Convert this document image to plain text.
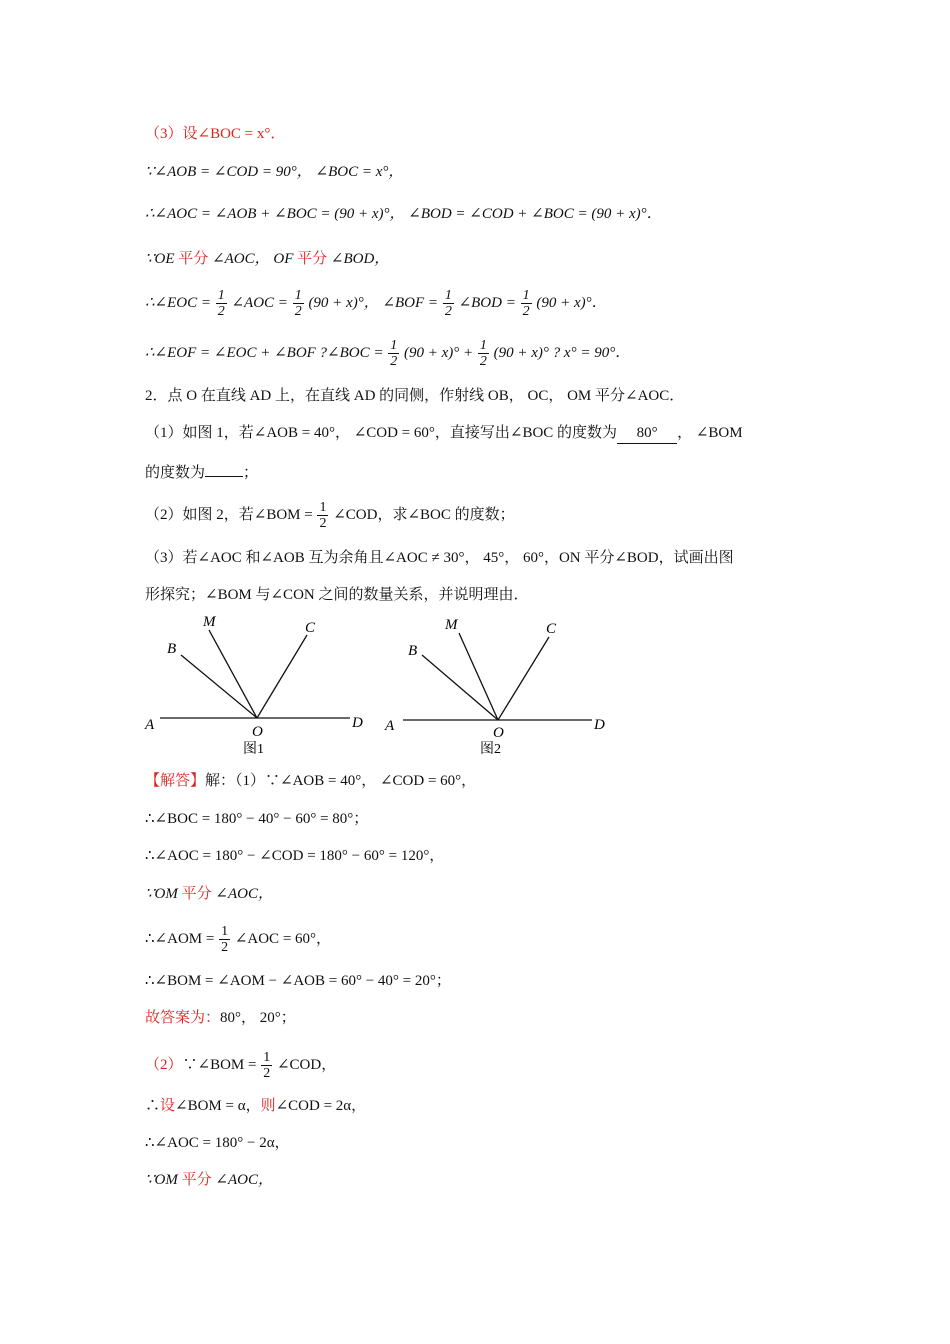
（3）设∠BOC = x°．
∵∠AOB = ∠COD = 90°， ∠BOC = x°，
∴∠AOC = ∠AOB + ∠BOC = (90 + x)°， ∠BOD = ∠COD + ∠BOC = (90 + x)°．
∵OE 平分 ∠AOC， OF 平分 ∠BOD，
∴∠EOC = $\frac{1}{2}$ ∠AOC = $\frac{1}{2} (90 + x)^\circ$， ∠BOF = $\frac{1}{2}$ ∠BOD = $\frac{1}{2} (90 + x)^\circ$．
∴∠EOF = ∠EOC + ∠BOF ?∠BOC = $\frac{1}{2} (90 + x)^\circ + \frac{1}{2} (90 + x)^\circ$ ? x° = 90°．
2．点 O 在直线 AD 上，在直线 AD 的同侧，作射线 OB， OC， OM 平分∠AOC．
（1）如图 1，若∠AOB = 40°， ∠COD = 60°，直接写出∠BOC 的度数为 80° ， ∠BOM
的度数为	；
（2）如图 2，若∠BOM = $\frac{1}{2}$ ∠COD，求∠BOC 的度数；
（3）若∠AOC 和∠AOB 互为余角且∠AOC ≠ 30°， 45°， 60°，ON 平分∠BOD，试画出图
形探究；∠BOM 与∠CON 之间的数量关系，并说明理由．
A
B
M	C
O
D
图1
A
B
M	C
O	D
图2
【解答】解：（1）∵∠AOB = 40°， ∠COD = 60°，
∴∠BOC = 180° − 40° − 60° = 80°；
∴∠AOC = 180° − ∠COD = 180° − 60° = 120°，
∵OM 平分 ∠AOC，
∴∠AOM = $\frac{1}{2}$ ∠AOC = 60°，
∴∠BOM = ∠AOM − ∠AOB = 60° − 40° = 20°；
故答案为：80°， 20°；
（2）∵∠BOM = $\frac{1}{2}$ ∠COD，
∴设∠BOM = α，则∠COD = 2α，
∴∠AOC = 180° − 2α，
∵OM 平分 ∠AOC，
